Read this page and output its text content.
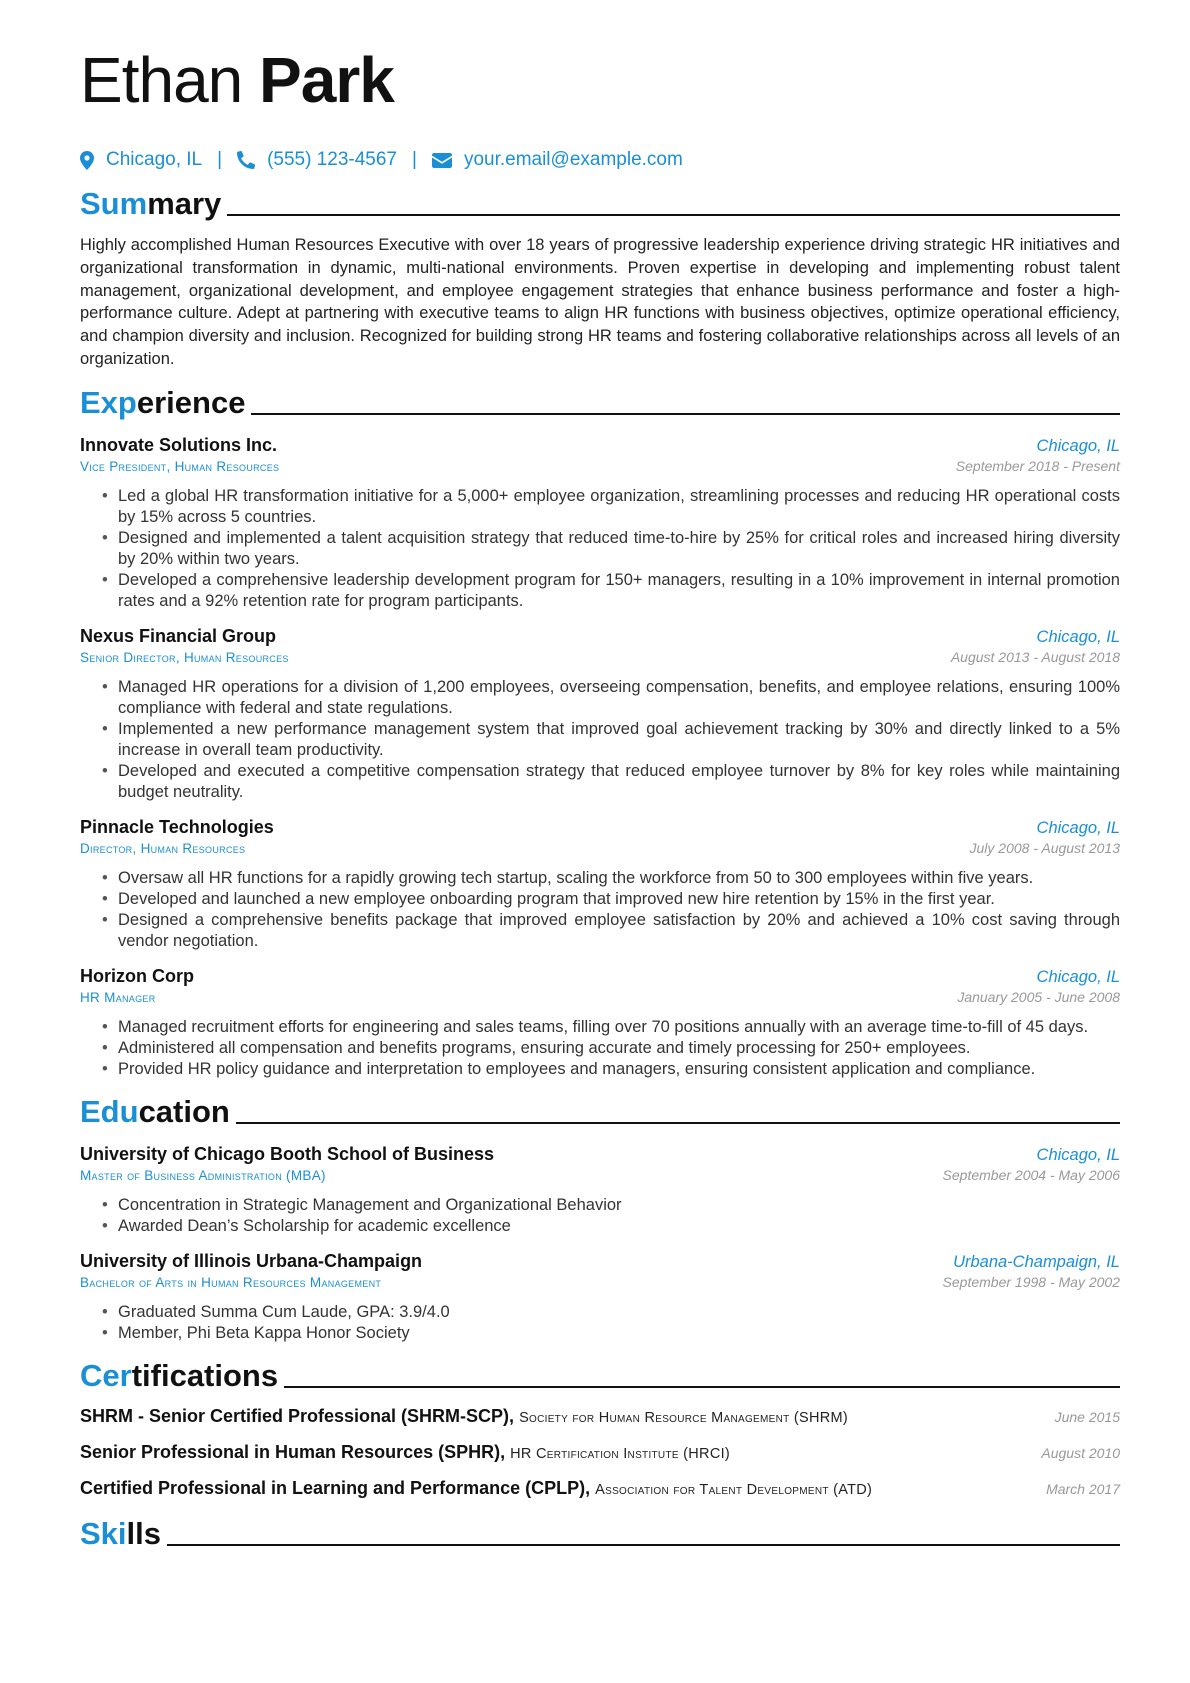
Ethan Park
Chicago, IL | (555) 123-4567 | your.email@example.com
Summary

Highly accomplished Human Resources Executive with over 18 years of progressive leadership experience driving strategic HR initiatives and organizational transformation in dynamic, multi-national environments. Proven expertise in developing and implementing robust talent management, organizational development, and employee engagement strategies that enhance business performance and foster a high-performance culture. Adept at partnering with executive teams to align HR functions with business objectives, optimize operational efficiency, and champion diversity and inclusion. Recognized for building strong HR teams and fostering collaborative relationships across all levels of an organization.

Experience
Innovate Solutions Inc.	Chicago, IL
Vice President, Human Resources	September 2018 - Present
• Led a global HR transformation initiative for a 5,000+ employee organization, streamlining processes and reducing HR operational costs by 15% across 5 countries.
• Designed and implemented a talent acquisition strategy that reduced time-to-hire by 25% for critical roles and increased hiring diversity by 20% within two years.
• Developed a comprehensive leadership development program for 150+ managers, resulting in a 10% improvement in internal promotion rates and a 92% retention rate for program participants.
Nexus Financial Group	Chicago, IL
Senior Director, Human Resources	August 2013 - August 2018
• Managed HR operations for a division of 1,200 employees, overseeing compensation, benefits, and employee relations, ensuring 100% compliance with federal and state regulations.
• Implemented a new performance management system that improved goal achievement tracking by 30% and directly linked to a 5% increase in overall team productivity.
• Developed and executed a competitive compensation strategy that reduced employee turnover by 8% for key roles while maintaining budget neutrality.
Pinnacle Technologies	Chicago, IL
Director, Human Resources	July 2008 - August 2013
• Oversaw all HR functions for a rapidly growing tech startup, scaling the workforce from 50 to 300 employees within five years.
• Developed and launched a new employee onboarding program that improved new hire retention by 15% in the first year.
• Designed a comprehensive benefits package that improved employee satisfaction by 20% and achieved a 10% cost saving through vendor negotiation.
Horizon Corp	Chicago, IL
HR Manager	January 2005 - June 2008
• Managed recruitment efforts for engineering and sales teams, filling over 70 positions annually with an average time-to-fill of 45 days.
• Administered all compensation and benefits programs, ensuring accurate and timely processing for 250+ employees.
• Provided HR policy guidance and interpretation to employees and managers, ensuring consistent application and compliance.
Education
University of Chicago Booth School of Business	Chicago, IL
Master of Business Administration (MBA)	September 2004 - May 2006
• Concentration in Strategic Management and Organizational Behavior
• Awarded Dean’s Scholarship for academic excellence
University of Illinois Urbana-Champaign	Urbana-Champaign, IL
Bachelor of Arts in Human Resources Management	September 1998 - May 2002
• Graduated Summa Cum Laude, GPA: 3.9/4.0
• Member, Phi Beta Kappa Honor Society
Certifications
SHRM - Senior Certified Professional (SHRM-SCP), Society for Human Resource Management (SHRM)	June 2015
Senior Professional in Human Resources (SPHR), HR Certification Institute (HRCI)	August 2010
Certified Professional in Learning and Performance (CPLP), Association for Talent Development (ATD)	March 2017
Skills
